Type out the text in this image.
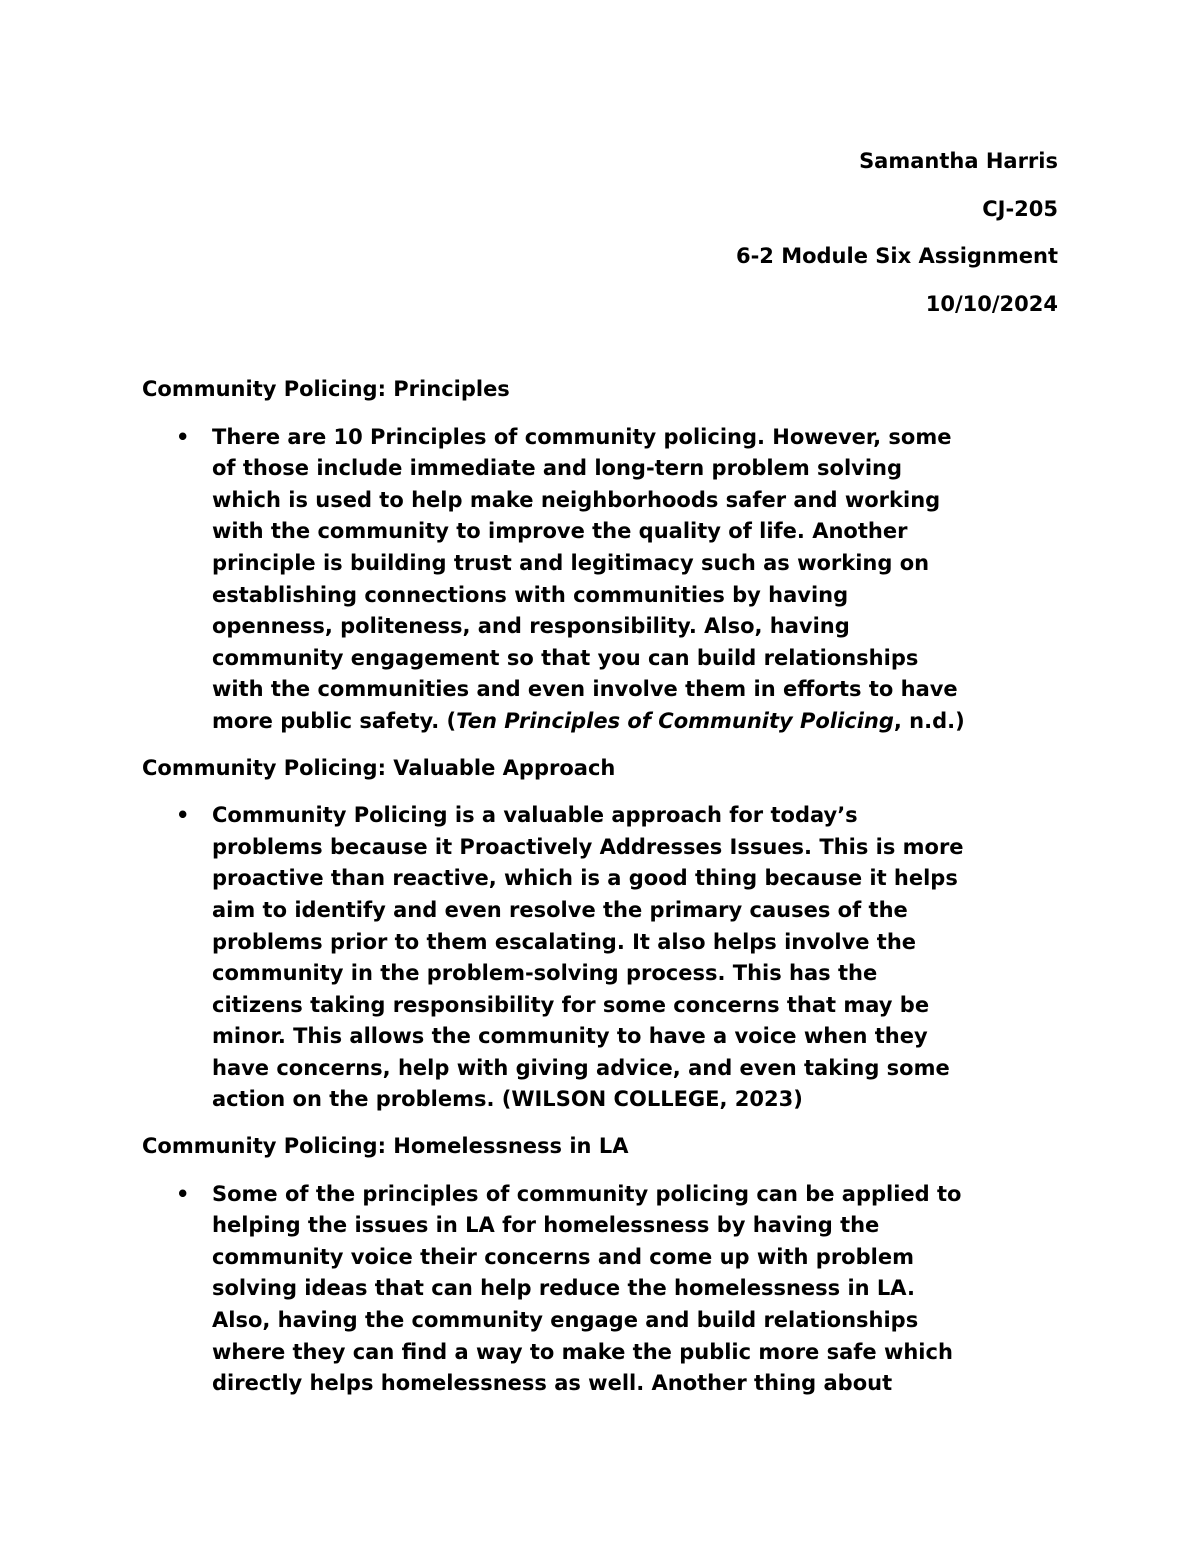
Samantha Harris
CJ-205
6-2 Module Six Assignment
10/10/2024
Community Policing: Principles
• There are 10 Principles of community policing. However, some
of those include immediate and long-tern problem solving
which is used to help make neighborhoods safer and working
with the community to improve the quality of life. Another
principle is building trust and legitimacy such as working on
establishing connections with communities by having
openness, politeness, and responsibility. Also, having
community engagement so that you can build relationships
with the communities and even involve them in efforts to have
more public safety. (Ten Principles of Community Policing, n.d.)
Community Policing: Valuable Approach
• Community Policing is a valuable approach for today’s
problems because it Proactively Addresses Issues. This is more
proactive than reactive, which is a good thing because it helps
aim to identify and even resolve the primary causes of the
problems prior to them escalating. It also helps involve the
community in the problem-solving process. This has the
citizens taking responsibility for some concerns that may be
minor. This allows the community to have a voice when they
have concerns, help with giving advice, and even taking some
action on the problems. (WILSON COLLEGE, 2023)
Community Policing: Homelessness in LA
• Some of the principles of community policing can be applied to
helping the issues in LA for homelessness by having the
community voice their concerns and come up with problem
solving ideas that can help reduce the homelessness in LA.
Also, having the community engage and build relationships
where they can find a way to make the public more safe which
directly helps homelessness as well. Another thing about
